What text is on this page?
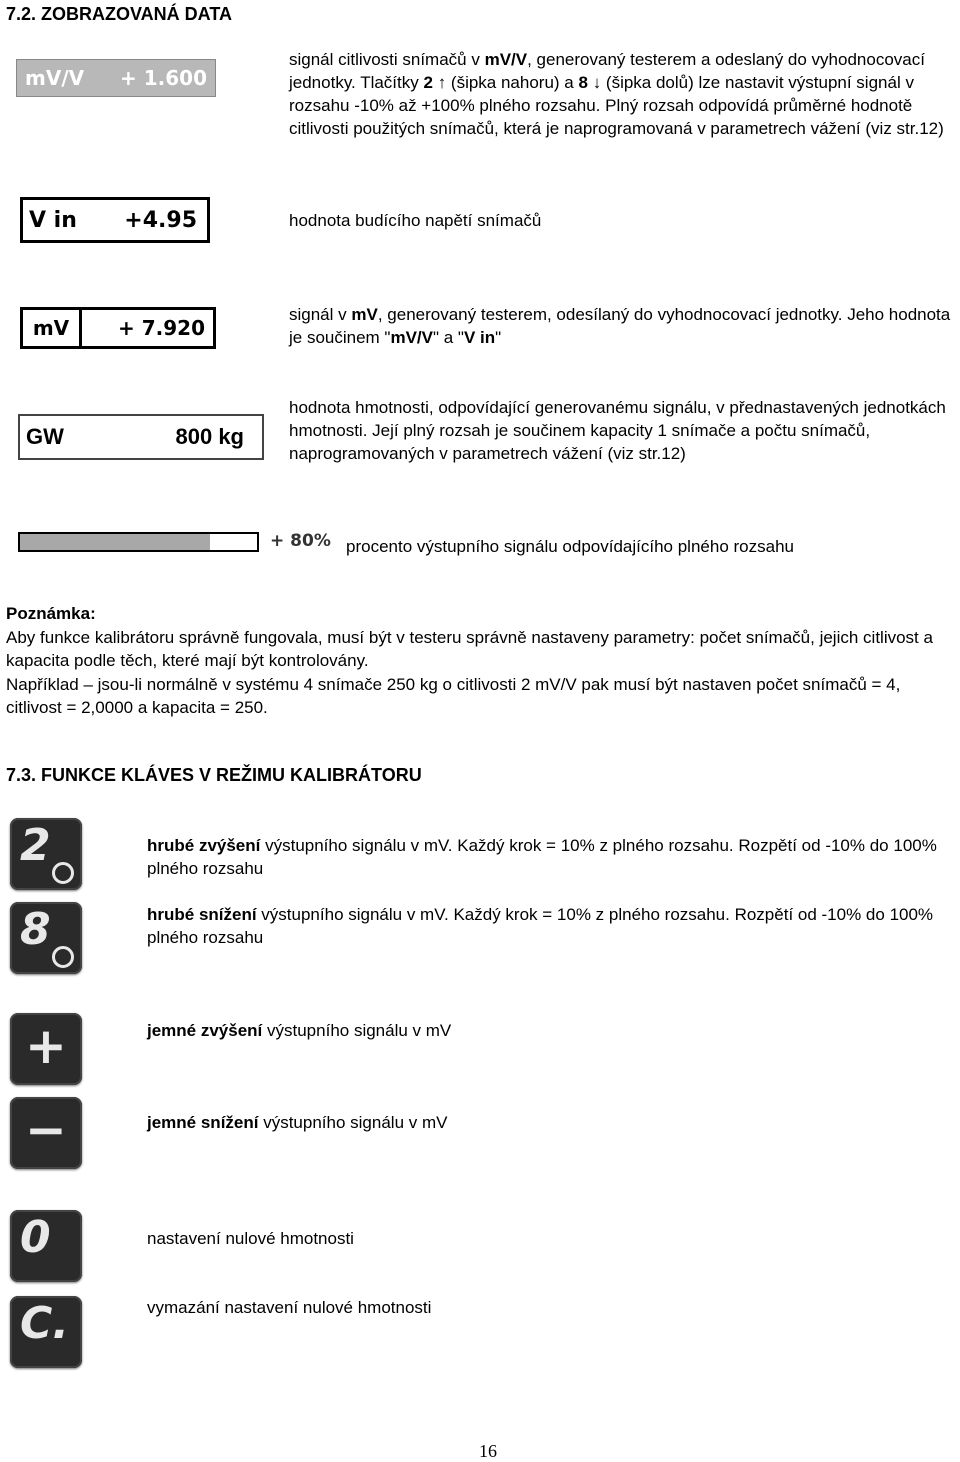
7.2. ZOBRAZOVANÁ DATA
mV/V + 1.600
signál citlivosti snímačů v mV/V, generovaný testerem a odeslaný do vyhodnocovací jednotky. Tlačítky 2 ↑ (šipka nahoru) a 8 ↓ (šipka dolů) lze nastavit výstupní signál v rozsahu -10% až +100% plného rozsahu. Plný rozsah odpovídá průměrné hodnotě citlivosti použitých snímačů, která je naprogramovaná v parametrech vážení (viz str.12)
V in +4.95	hodnota budícího napětí snímačů
mV	+ 7.920
signál v mV, generovaný testerem, odesílaný do vyhodnocovací jednotky. Jeho hodnota je součinem "mV/V" a "V in"
GW	800 kg
hodnota hmotnosti, odpovídající generovanému signálu, v přednastavených jednotkách hmotnosti. Její plný rozsah je součinem kapacity 1 snímače a počtu snímačů, naprogramovaných v parametrech vážení (viz str.12)
+ 80% procento výstupního signálu odpovídajícího plného rozsahu
Poznámka:
Aby funkce kalibrátoru správně fungovala, musí být v testeru správně nastaveny parametry: počet snímačů, jejich citlivost a kapacita podle těch, které mají být kontrolovány.
Například – jsou-li normálně v systému 4 snímače 250 kg o citlivosti 2 mV/V pak musí být nastaven počet snímačů = 4, citlivost = 2,0000 a kapacita = 250.
7.3. FUNKCE KLÁVES V REŽIMU KALIBRÁTORU
2	hrubé zvýšení výstupního signálu v mV. Každý krok = 10% z plného rozsahu. Rozpětí od -10% do 100% plného rozsahu
8	hrubé snížení výstupního signálu v mV. Každý krok = 10% z plného rozsahu. Rozpětí od -10% do 100% plného rozsahu
+	jemné zvýšení výstupního signálu v mV
−	jemné snížení výstupního signálu v mV
0	nastavení nulové hmotnosti
C.	vymazání nastavení nulové hmotnosti
16
